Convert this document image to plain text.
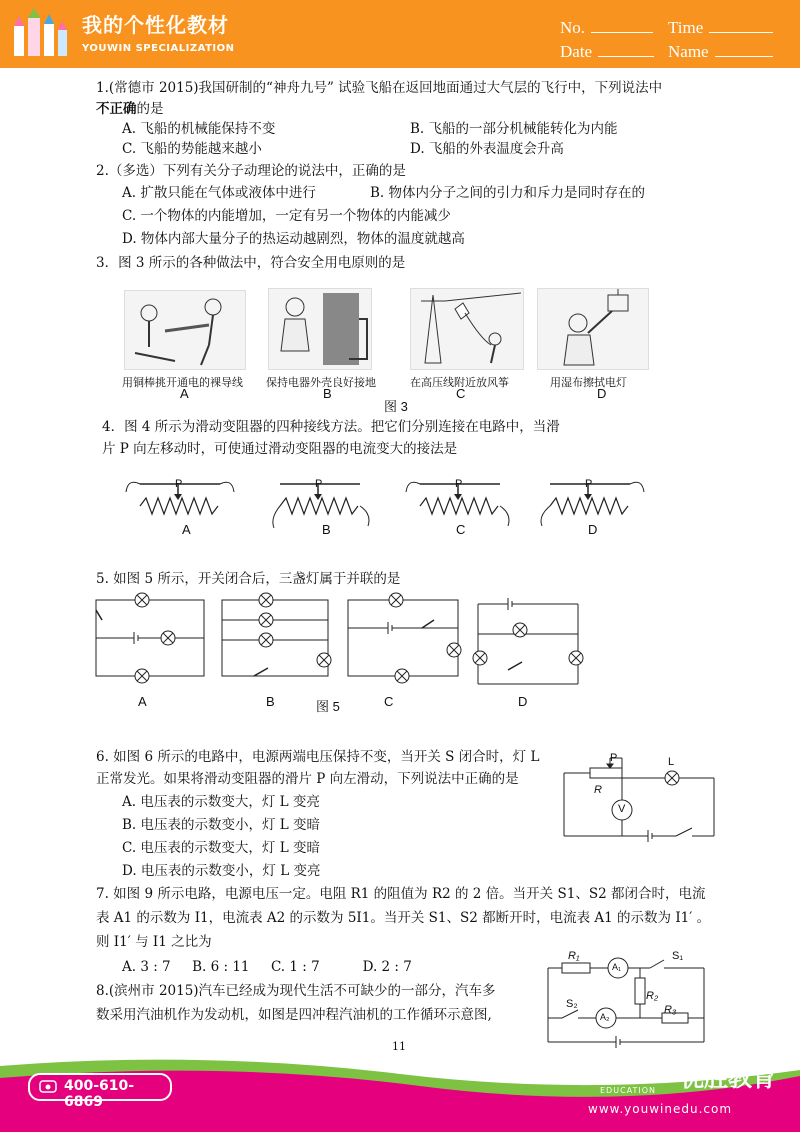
我的个性化教材
YOUWIN SPECIALIZATION
No.	Time
Date	Name
1.(常德市 2015)我国研制的“神舟九号” 试验飞船在返回地面通过大气层的飞行中，下列说法中
不正确的是
A. 飞船的机械能保持不变	B. 飞船的一部分机械能转化为内能
C. 飞船的势能越来越小	D. 飞船的外表温度会升高
2.（多选）下列有关分子动理论的说法中，正确的是
A. 扩散只能在气体或液体中进行	B. 物体内分子之间的引力和斥力是同时存在的
C. 一个物体的内能增加，一定有另一个物体的内能减少
D. 物体内部大量分子的热运动越剧烈，物体的温度就越高
3．图 3 所示的各种做法中，符合安全用电原则的是
用铜棒挑开通电的裸导线 保持电器外壳良好接地	在高压线附近放风筝	用湿布擦拭电灯
A	B	C	D
图 3
4．图 4 所示为滑动变阻器的四种接线方法。把它们分别连接在电路中，当滑
片 P 向左移动时，可使通过滑动变阻器的电流变大的接法是
P	P	P	P
A	B	C	D
5. 如图 5 所示，开关闭合后，三盏灯属于并联的是
A	B	C	D
图 5
6. 如图 6 所示的电路中，电源两端电压保持不变，当开关 S 闭合时，灯 L
正常发光。如果将滑动变阻器的滑片 P 向左滑动，下列说法中正确的是
A. 电压表的示数变大，灯 L 变亮
B. 电压表的示数变小，灯 L 变暗
C. 电压表的示数变大，灯 L 变暗
D. 电压表的示数变小，灯 L 变亮
P	L
R
V
7. 如图 9 所示电路，电源电压一定。电阻 R1 的阻值为 R2 的 2 倍。当开关 S1、S2 都闭合时，电流
表 A1 的示数为 I1，电流表 A2 的示数为 5I1。当开关 S1、S2 都断开时，电流表 A1 的示数为 I1′ 。
则 I1′ 与 I1 之比为
A. 3 : 7     B. 6 : 11     C. 1 : 7          D. 2 : 7
R₁
A₁
S₁
R₂
S₂
A₂
R₃
8.(滨州市 2015)汽车已经成为现代生活不可缺少的一部分，汽车多
数采用汽油机作为发动机，如图是四冲程汽油机的工作循环示意图,
11
400-610-6869
YOUWIN
EDUCATION 优胜教育
www.youwinedu.com
